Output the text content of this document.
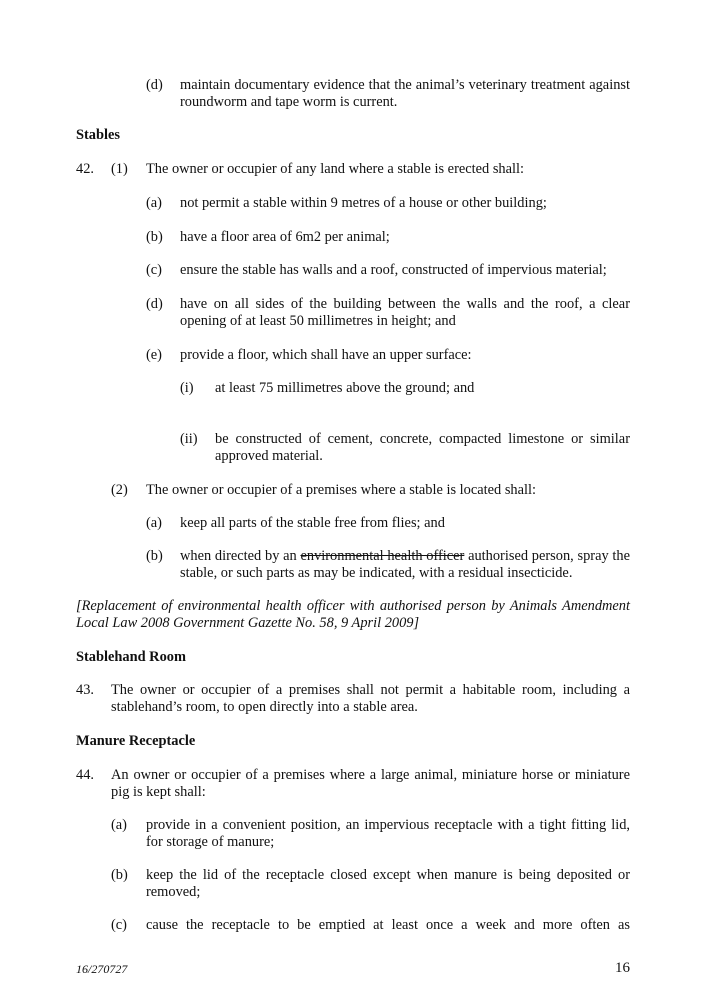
(d) maintain documentary evidence that the animal’s veterinary treatment against roundworm and tape worm is current.
Stables
42. (1) The owner or occupier of any land where a stable is erected shall:
(a) not permit a stable within 9 metres of a house or other building;
(b) have a floor area of 6m2 per animal;
(c) ensure the stable has walls and a roof, constructed of impervious material;
(d) have on all sides of the building between the walls and the roof, a clear opening of at least 50 millimetres in height; and
(e) provide a floor, which shall have an upper surface:
(i) at least 75 millimetres above the ground; and
(ii) be constructed of cement, concrete, compacted limestone or similar approved material.
(2) The owner or occupier of a premises where a stable is located shall:
(a) keep all parts of the stable free from flies; and
(b) when directed by an environmental health officer authorised person, spray the stable, or such parts as may be indicated, with a residual insecticide.
[Replacement of environmental health officer with authorised person by Animals Amendment Local Law 2008 Government Gazette No. 58, 9 April 2009]
Stablehand Room
43. The owner or occupier of a premises shall not permit a habitable room, including a stablehand’s room, to open directly into a stable area.
Manure Receptacle
44. An owner or occupier of a premises where a large animal, miniature horse or miniature pig is kept shall:
(a) provide in a convenient position, an impervious receptacle with a tight fitting lid, for storage of manure;
(b) keep the lid of the receptacle closed except when manure is being deposited or removed;
(c) cause the receptacle to be emptied at least once a week and more often as
16/270727	16
